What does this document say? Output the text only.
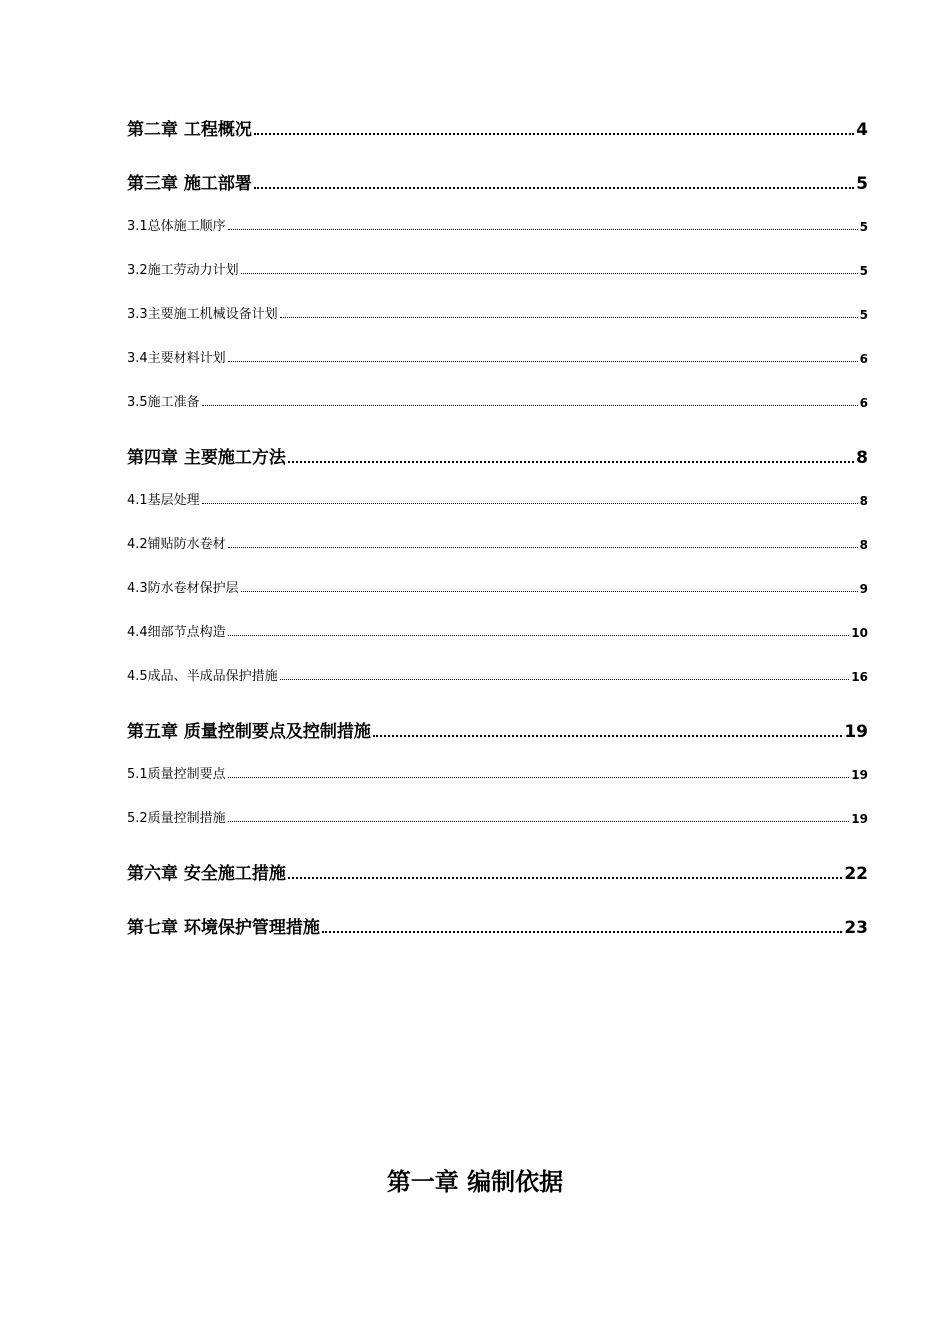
第二章 工程概况	4
第三章 施工部署	5
3.1总体施工顺序	5
3.2施工劳动力计划	5
3.3主要施工机械设备计划	5
3.4主要材料计划	6
3.5施工准备	6
第四章 主要施工方法	8
4.1基层处理	8
4.2铺贴防水卷材	8
4.3防水卷材保护层	9
4.4细部节点构造	10
4.5成品、半成品保护措施	16
第五章 质量控制要点及控制措施	19
5.1质量控制要点	19
5.2质量控制措施	19
第六章 安全施工措施	22
第七章 环境保护管理措施	23
第一章 编制依据
